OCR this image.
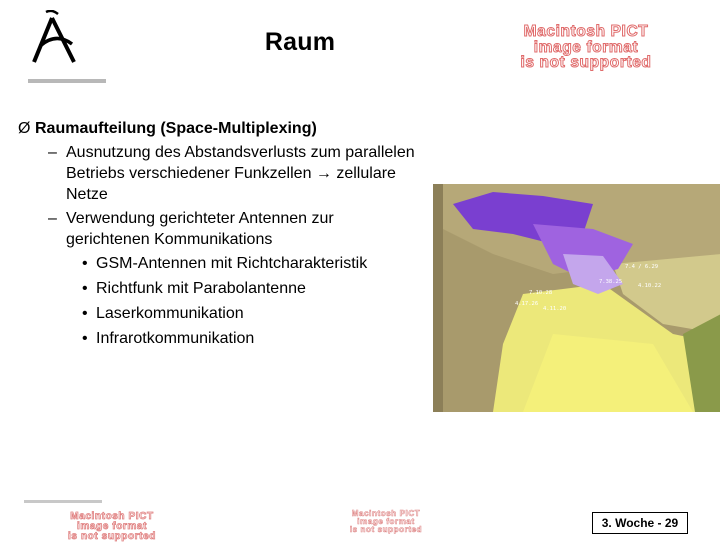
Raum	Macintosh PICT
image format
is not supported
Ø Raumaufteilung (Space-Multiplexing)
– Ausnutzung des Abstandsverlusts zum parallelen Betriebs verschiedener Funkzellen → zellulare Netze
– Verwendung gerichteter Antennen zur gerichtenen Kommunikations
• GSM-Antennen mit Richtcharakteristik
• Richtfunk mit Parabolantenne
• Laserkommunikation
• Infrarotkommunikation
7.4 / 6.29
7.38.25
4.10.22
7.10.28
4.11.20
4.17.26
Macintosh PICT
image format
is not supported
Macintosh PICT
image format
is not supported	3. Woche - 29
